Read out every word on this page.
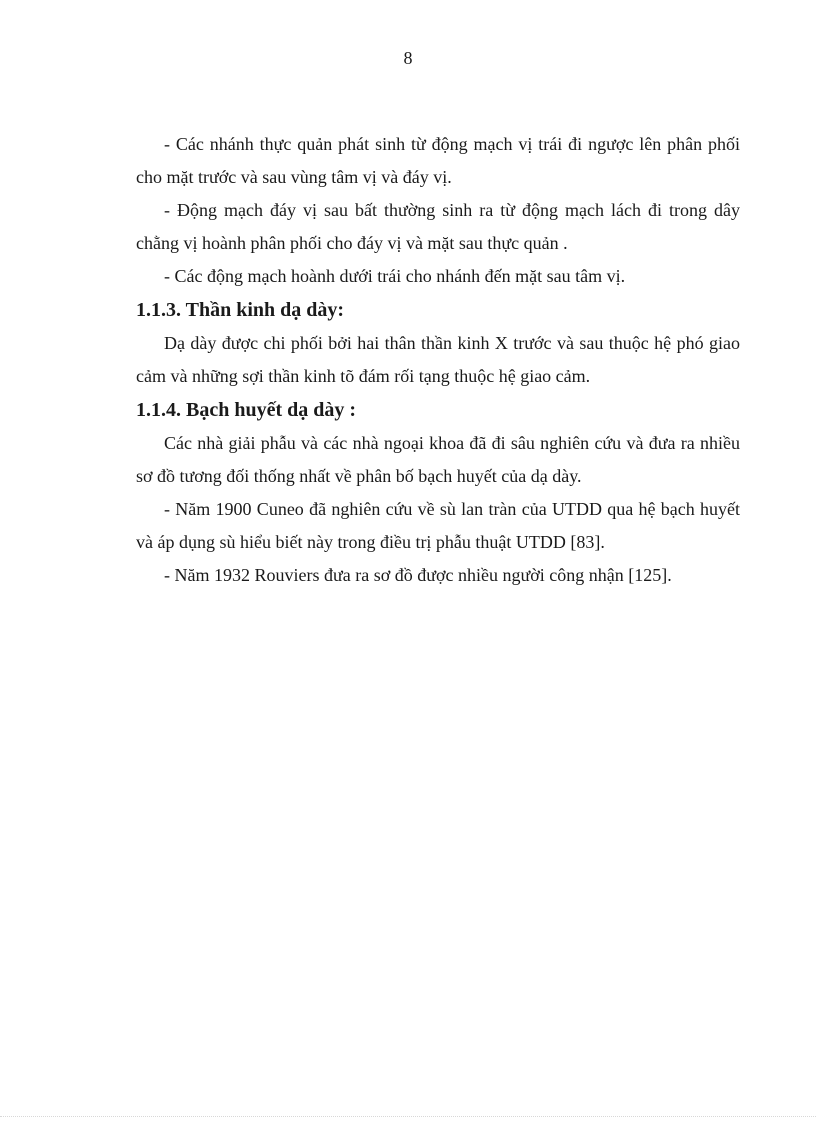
8

- Các nhánh thực quản phát sinh từ động mạch vị trái đi ngược lên phân phối cho mặt trước và sau vùng tâm vị và đáy vị.

- Động mạch đáy vị sau bất thường sinh ra từ động mạch lách đi trong dây chằng vị hoành phân phối cho đáy vị và mặt sau thực quản .

- Các động mạch hoành dưới trái cho nhánh đến mặt sau tâm vị.

1.1.3. Thần kinh dạ dày:

Dạ dày được chi phối bởi hai thân thần kinh X trước và sau thuộc hệ phó giao cảm và những sợi thần kinh tõ đám rối tạng thuộc hệ giao cảm.

1.1.4. Bạch huyết dạ dày :

Các nhà giải phẫu và các nhà ngoại khoa đã đi sâu nghiên cứu và đưa ra nhiều sơ đồ tương đối thống nhất về phân bố bạch huyết của dạ dày.

- Năm 1900 Cuneo đã nghiên cứu về sù lan tràn của UTDD qua hệ bạch huyết và áp dụng sù hiểu biết này trong điều trị phẫu thuật UTDD [83].

- Năm 1932 Rouviers đưa ra sơ đồ được nhiều người công nhận [125].
